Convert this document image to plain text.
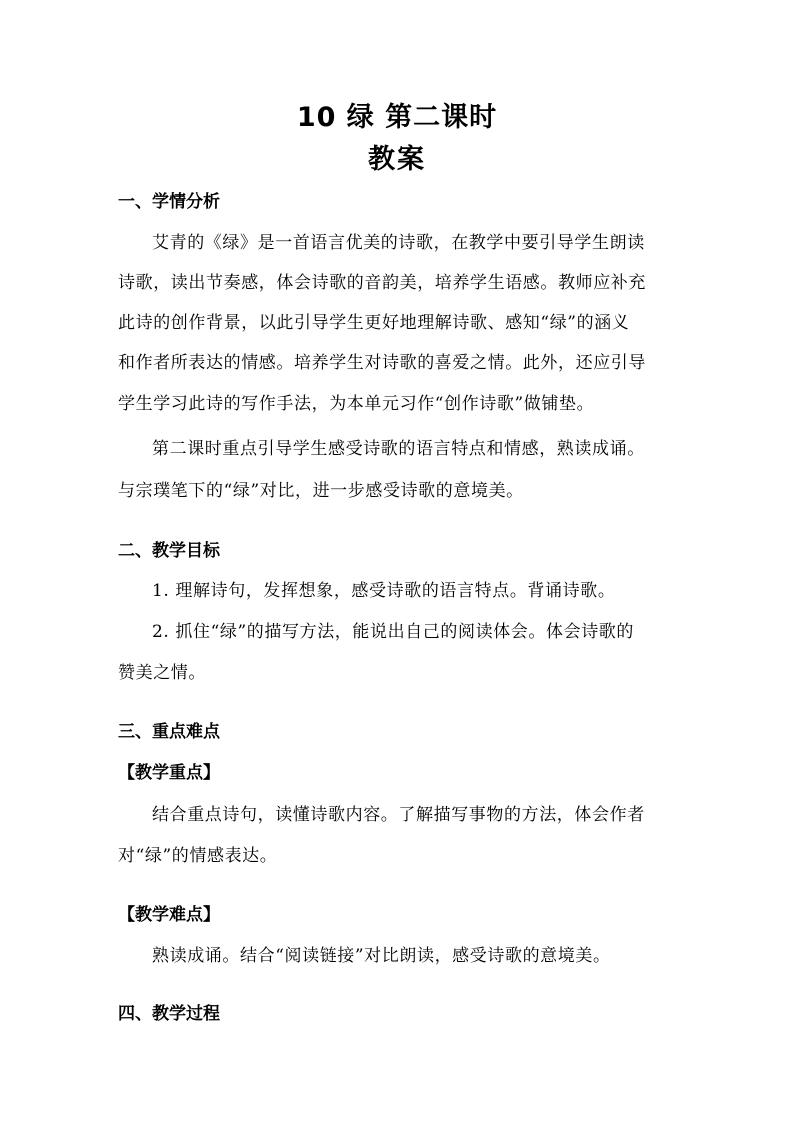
10 绿 第二课时
教案
一、学情分析
艾青的《绿》是一首语言优美的诗歌，在教学中要引导学生朗读
诗歌，读出节奏感，体会诗歌的音韵美，培养学生语感。教师应补充
此诗的创作背景，以此引导学生更好地理解诗歌、感知“绿”的涵义
和作者所表达的情感。培养学生对诗歌的喜爱之情。此外，还应引导
学生学习此诗的写作手法，为本单元习作“创作诗歌”做铺垫。
第二课时重点引导学生感受诗歌的语言特点和情感，熟读成诵。
与宗璞笔下的“绿”对比，进一步感受诗歌的意境美。
二、教学目标
1. 理解诗句，发挥想象，感受诗歌的语言特点。背诵诗歌。
2. 抓住“绿”的描写方法，能说出自己的阅读体会。体会诗歌的
赞美之情。
三、重点难点
【教学重点】
结合重点诗句，读懂诗歌内容。了解描写事物的方法，体会作者
对“绿”的情感表达。
【教学难点】
熟读成诵。结合“阅读链接”对比朗读，感受诗歌的意境美。
四、教学过程
